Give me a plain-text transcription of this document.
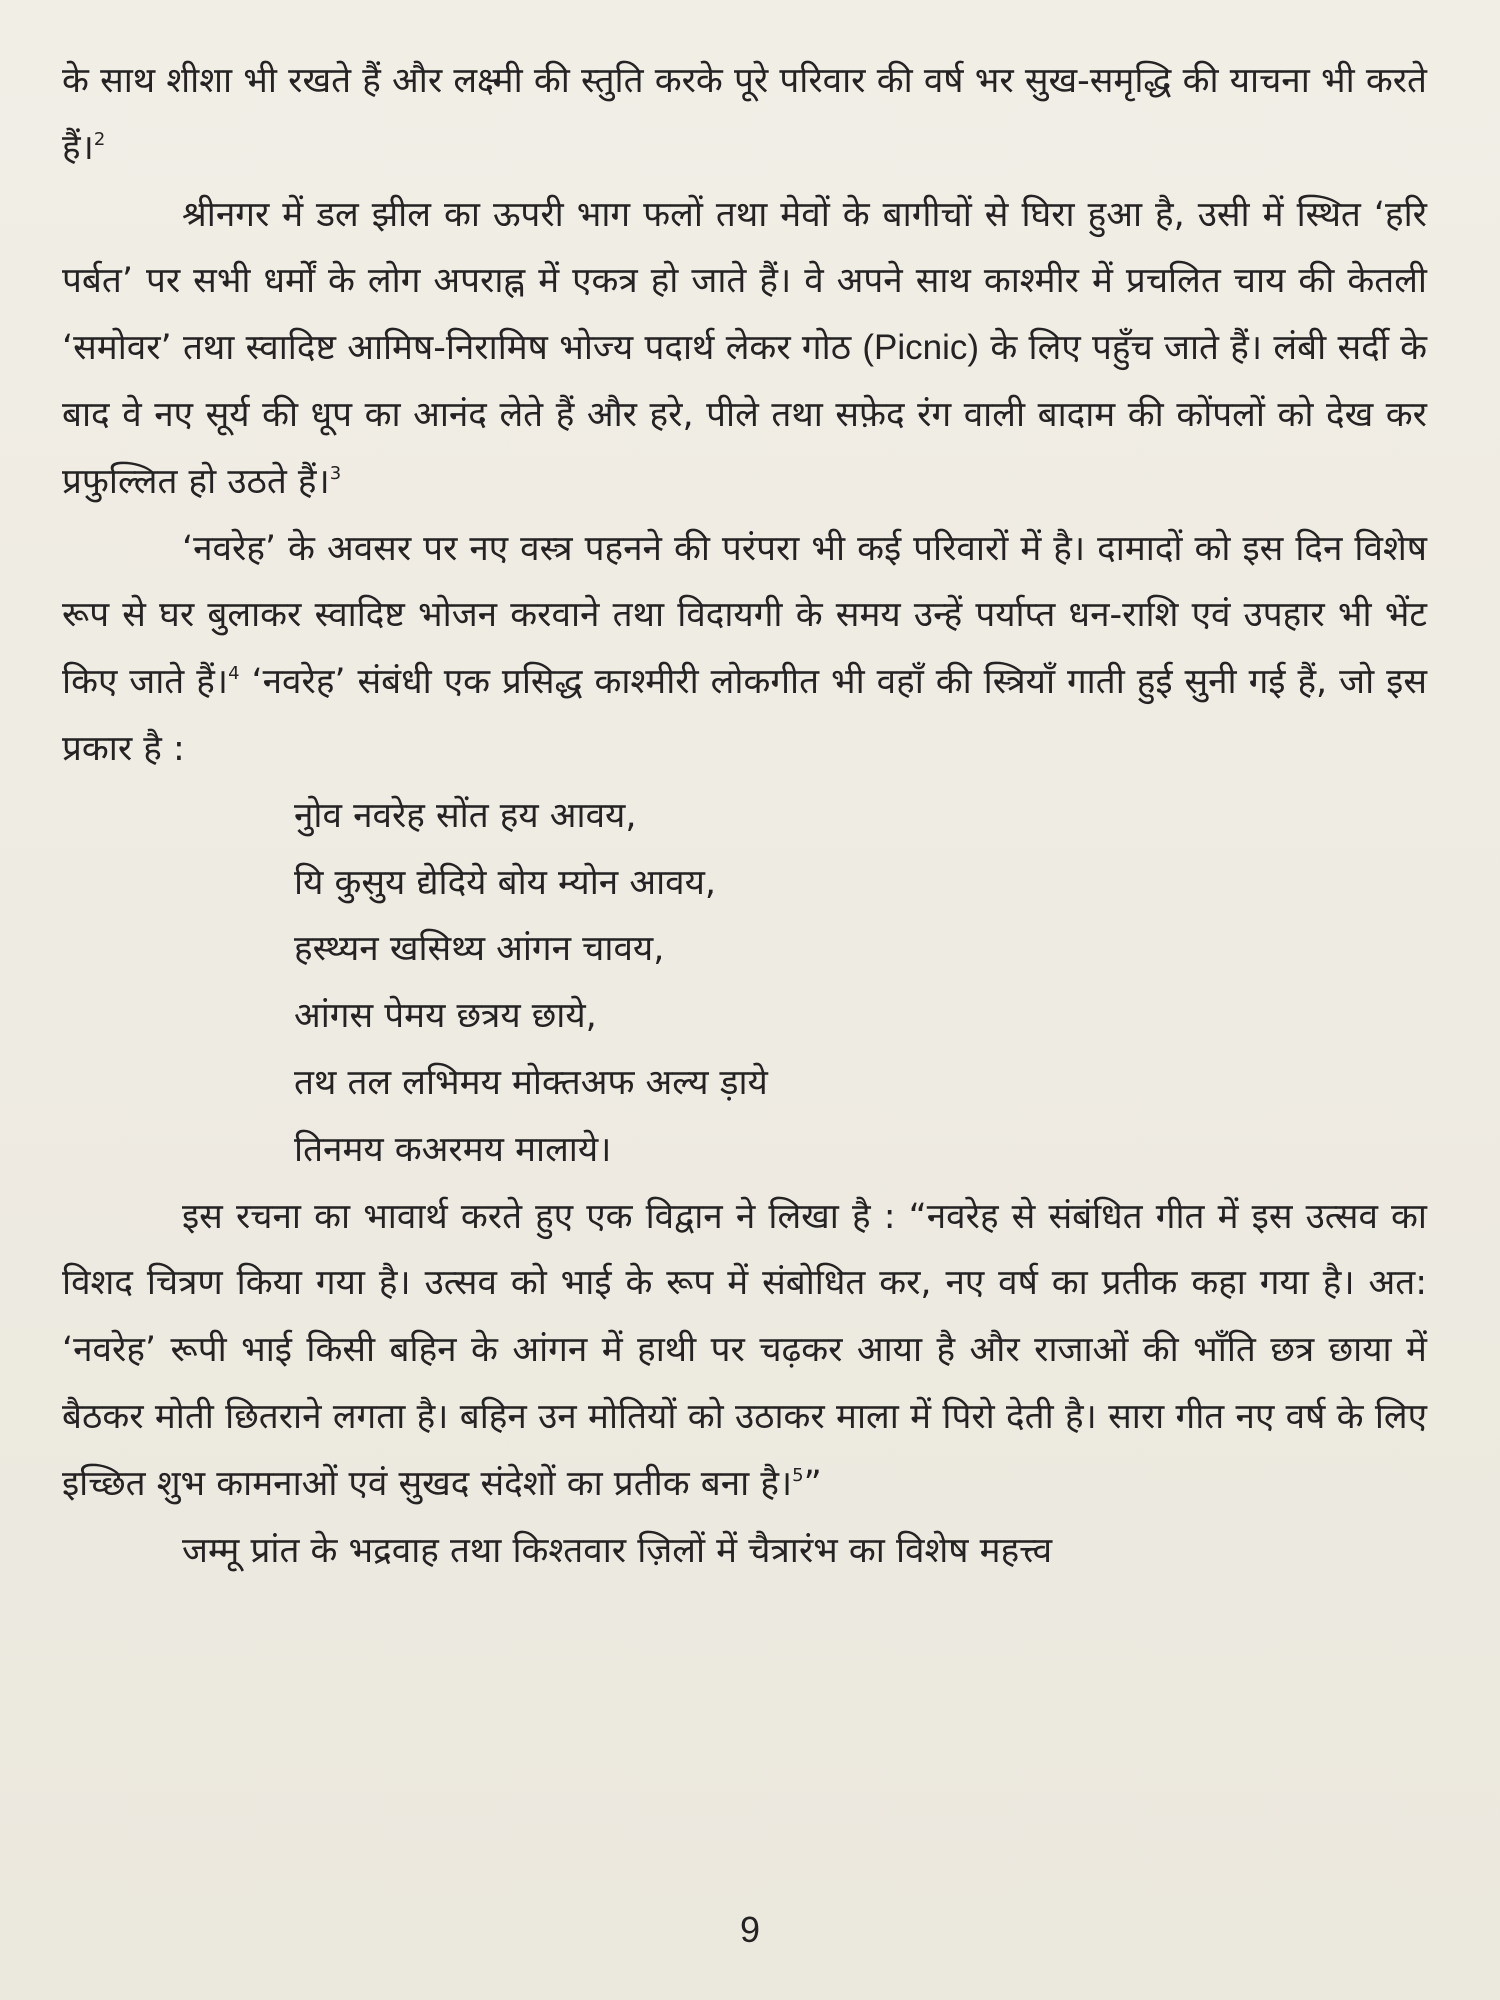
के साथ शीशा भी रखते हैं और लक्ष्मी की स्तुति करके पूरे परिवार की वर्ष भर सुख-समृद्धि की याचना भी करते हैं।$^2$

श्रीनगर में डल झील का ऊपरी भाग फलों तथा मेवों के बागीचों से घिरा हुआ है, उसी में स्थित ‘हरि पर्बत’ पर सभी धर्मों के लोग अपराह्न में एकत्र हो जाते हैं। वे अपने साथ काश्मीर में प्रचलित चाय की केतली ‘समोवर’ तथा स्वादिष्ट आमिष-निरामिष भोज्य पदार्थ लेकर गोठ (Picnic) के लिए पहुँच जाते हैं। लंबी सर्दी के बाद वे नए सूर्य की धूप का आनंद लेते हैं और हरे, पीले तथा सफ़ेद रंग वाली बादाम की कोंपलों को देख कर प्रफुल्लित हो उठते हैं।$^3$

‘नवरेह’ के अवसर पर नए वस्त्र पहनने की परंपरा भी कई परिवारों में है। दामादों को इस दिन विशेष रूप से घर बुलाकर स्वादिष्ट भोजन करवाने तथा विदायगी के समय उन्हें पर्याप्त धन-राशि एवं उपहार भी भेंट किए जाते हैं।$^4$ ‘नवरेह’ संबंधी एक प्रसिद्ध काश्मीरी लोकगीत भी वहाँ की स्त्रियाँ गाती हुई सुनी गई हैं, जो इस प्रकार है :

नुोव नवरेह सोंत हय आवय,
यि कुसुय द्येदिये बोय म्योन आवय,
हस्थ्यन खसिथ्य आंगन चावय,
आंगस पेमय छत्रय छाये,
तथ तल लभिमय मोक्तअफ अल्य ड़ाये
तिनमय कअरमय मालाये।

इस रचना का भावार्थ करते हुए एक विद्वान ने लिखा है : “नवरेह से संबंधित गीत में इस उत्सव का विशद चित्रण किया गया है। उत्सव को भाई के रूप में संबोधित कर, नए वर्ष का प्रतीक कहा गया है। अत: ‘नवरेह’ रूपी भाई किसी बहिन के आंगन में हाथी पर चढ़कर आया है और राजाओं की भाँति छत्र छाया में बैठकर मोती छितराने लगता है। बहिन उन मोतियों को उठाकर माला में पिरो देती है। सारा गीत नए वर्ष के लिए इच्छित शुभ कामनाओं एवं सुखद संदेशों का प्रतीक बना है।$^5$”

जम्मू प्रांत के भद्रवाह तथा किश्तवार ज़िलों में चैत्रारंभ का विशेष महत्त्व

9
